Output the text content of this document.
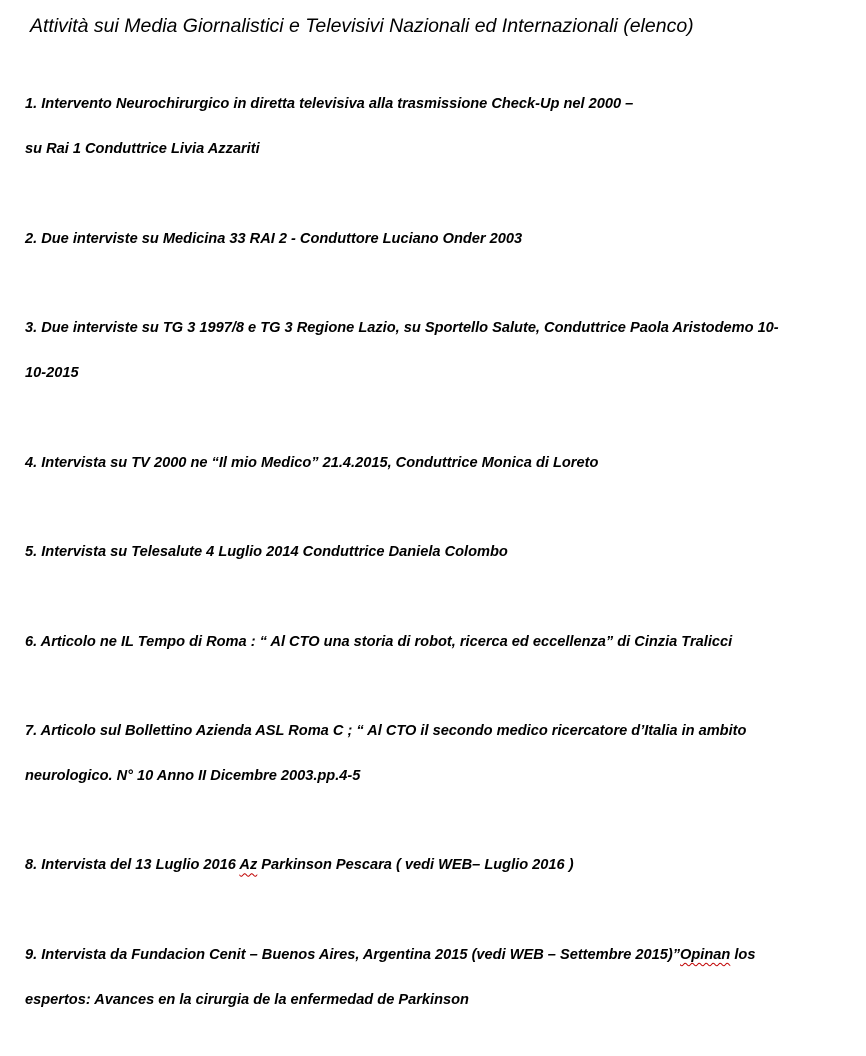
Attività sui Media Giornalistici e Televisivi Nazionali ed Internazionali (elenco)

1. Intervento Neurochirurgico in diretta televisiva alla trasmissione Check-Up nel 2000 –

su Rai 1 Conduttrice Livia Azzariti

2. Due interviste su Medicina 33 RAI 2 - Conduttore Luciano Onder 2003

3. Due interviste su TG 3 1997/8 e TG 3 Regione Lazio, su Sportello Salute, Conduttrice Paola Aristodemo 10-

10-2015

4. Intervista su TV 2000 ne “Il mio Medico” 21.4.2015, Conduttrice Monica di Loreto

5. Intervista su Telesalute 4 Luglio 2014 Conduttrice Daniela Colombo

6. Articolo ne IL Tempo di Roma : “ Al CTO una storia di robot, ricerca ed eccellenza” di Cinzia Tralicci

7. Articolo sul Bollettino Azienda ASL Roma C ; “ Al CTO il secondo medico ricercatore d’Italia in ambito

neurologico. N° 10 Anno II Dicembre 2003.pp.4-5

8. Intervista del 13 Luglio 2016 Az Parkinson Pescara ( vedi WEB– Luglio 2016 )

9. Intervista da Fundacion Cenit – Buenos Aires, Argentina 2015 (vedi WEB – Settembre 2015)”Opinan los

espertos: Avances en la cirurgia de la enfermedad de Parkinson
